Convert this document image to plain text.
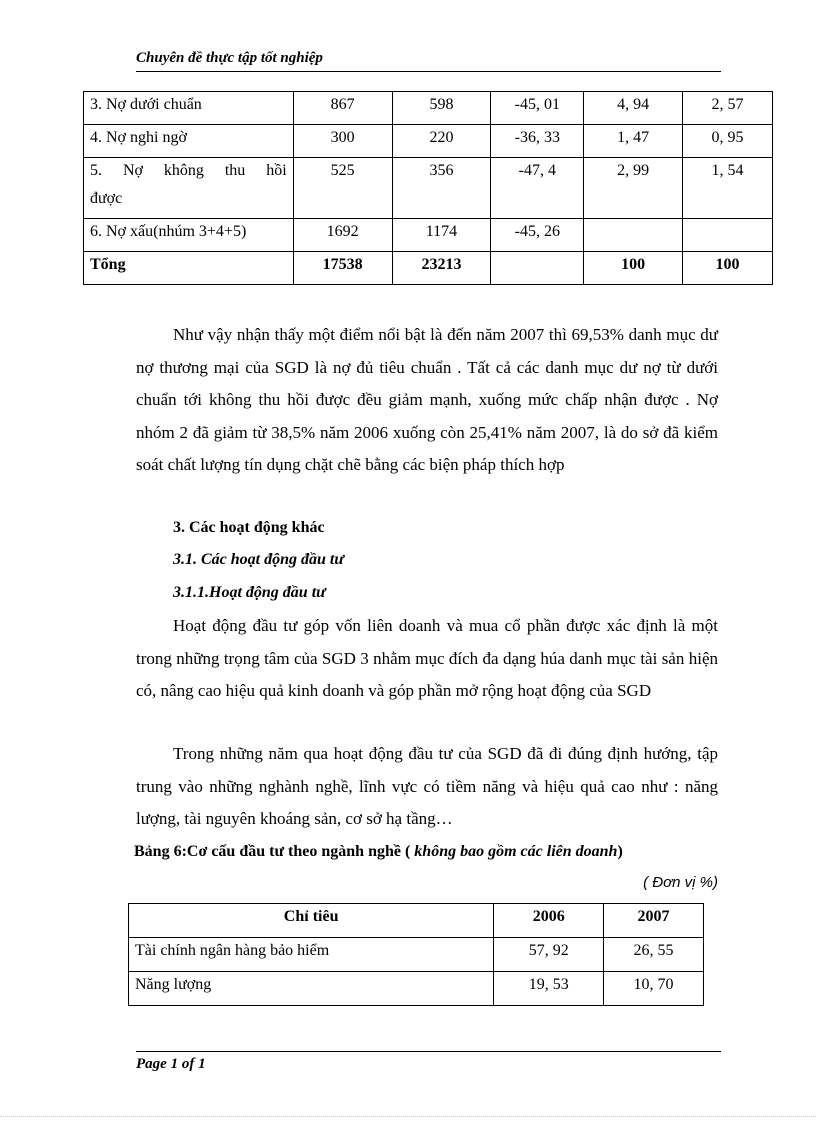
Chuyên đề thực tập tốt nghiệp
3. Nợ dưới chuẩn	867	598	-45, 01	4, 94	2, 57
4. Nợ nghi ngờ	300	220	-36, 33	1, 47	0, 95

5. Nợ không thu hồi
được	525	356	-47, 4	2, 99	1, 54
6. Nợ xấu(nhúm 3+4+5)	1692	1174	-45, 26		
Tổng	17538	23213		100	100
Như vậy nhận thấy một điểm nổi bật là đến năm 2007 thì 69,53% danh mục dư nợ thương mại của SGD là nợ đủ tiêu chuẩn . Tất cả các danh mục dư nợ từ dưới chuẩn tới không thu hồi được đều giảm mạnh, xuống mức chấp nhận được . Nợ nhóm 2 đã giảm từ 38,5% năm 2006 xuống còn 25,41% năm 2007, là do sở đã kiểm soát chất lượng tín dụng chặt chẽ bằng các biện pháp thích hợp
3. Các hoạt động khác
3.1. Các hoạt động đầu tư
3.1.1.Hoạt động đầu tư
Hoạt động đầu tư góp vốn liên doanh và mua cổ phần được xác định là một trong những trọng tâm của SGD 3 nhằm mục đích đa dạng húa danh mục tài sản hiện có, nâng cao hiệu quả kinh doanh và góp phần mở rộng hoạt động của SGD
Trong những năm qua hoạt động đầu tư của SGD đã đi đúng định hướng, tập trung vào những nghành nghề, lĩnh vực có tiềm năng và hiệu quả cao như : năng lượng, tài nguyên khoáng sản, cơ sở hạ tầng…
Bảng 6:Cơ cấu đầu tư theo ngành nghề ( không bao gồm các liên doanh)
( Đơn vị %)
Chỉ tiêu	2006	2007
Tài chính ngân hàng bảo hiểm	57, 92	26, 55
Năng lượng	19, 53	10, 70
Page 1 of 1
